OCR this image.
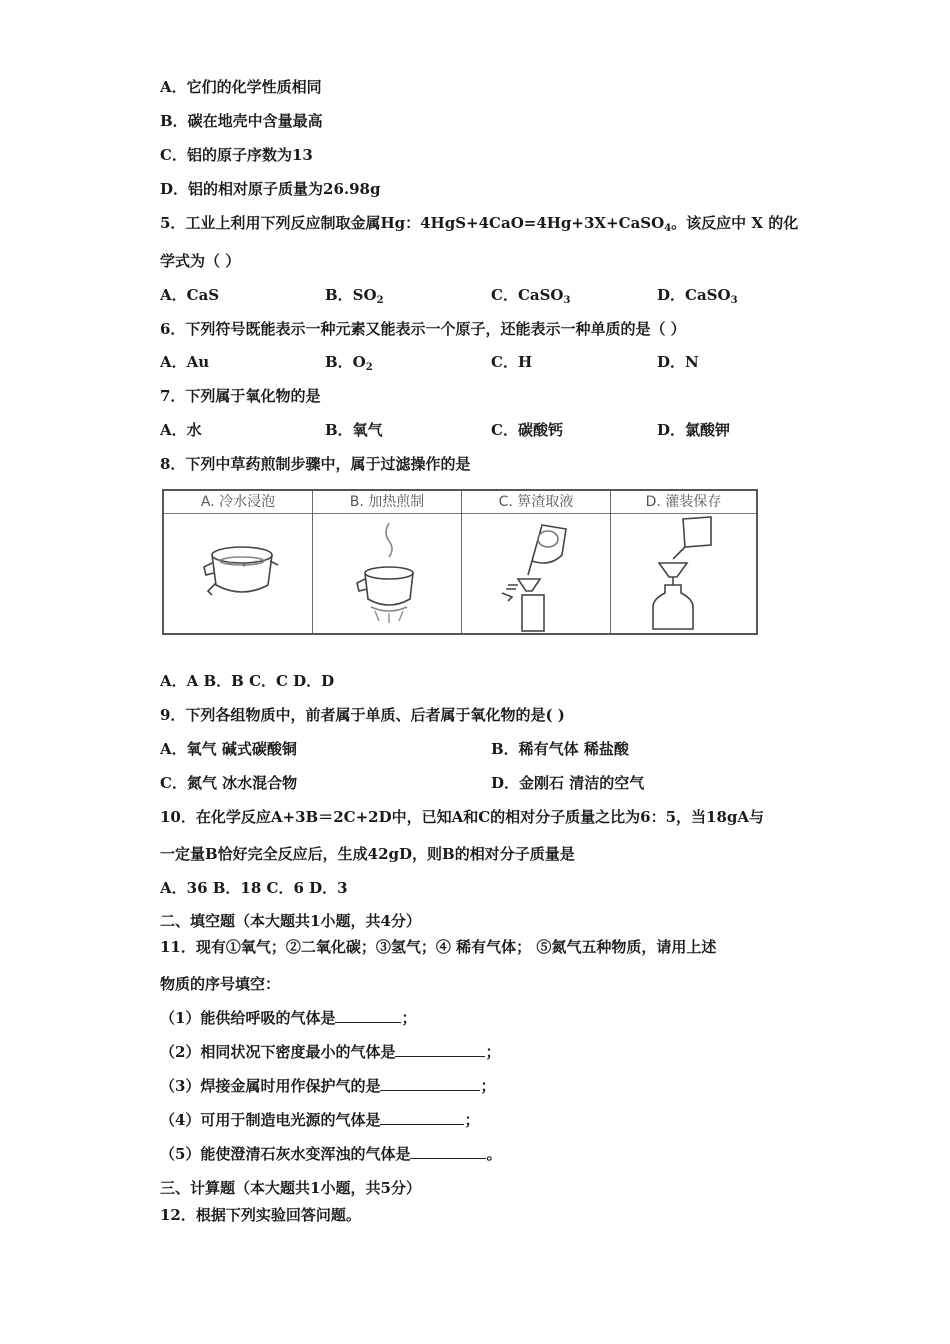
A．它们的化学性质相同
B．碳在地壳中含量最高
C．铝的原子序数为13
D．铝的相对原子质量为26.98g
5．工业上利用下列反应制取金属Hg：4HgS+4CaO=4Hg+3X+CaSO$_4$。该反应中 X 的化
学式为（ ）
A．CaS	B．$SO_2$	C．CaSO$_3$	D．CaSO$_3$
6．下列符号既能表示一种元素又能表示一个原子，还能表示一种单质的是（ ）
A．Au	B．$O_2$	C．H	D．N
7．下列属于氧化物的是
A．水	B．氧气	C．碳酸钙	D．氯酸钾
8．下列中草药煎制步骤中，属于过滤操作的是
A. 冷水浸泡	B. 加热煎制	C. 箅渣取液	D. 灌装保存
A．A B．B C．C D．D
9．下列各组物质中，前者属于单质、后者属于氧化物的是( )
A．氧气 碱式碳酸铜	B．稀有气体 稀盐酸
C．氮气 冰水混合物	D．金刚石 清洁的空气
10．在化学反应A+3B＝2C+2D中，已知A和C的相对分子质量之比为6：5，当18gA与
一定量B恰好完全反应后，生成42gD，则B的相对分子质量是
A．36 B．18 C．6 D．3
二、填空题（本大题共1小题，共4分）
11．现有①氧气；②二氧化碳；③氢气；④ 稀有气体； ⑤氮气五种物质，请用上述
物质的序号填空：
（1）能供给呼吸的气体是	；
（2）相同状况下密度最小的气体是	；
（3）焊接金属时用作保护气的是	；
（4）可用于制造电光源的气体是	；
（5）能使澄清石灰水变浑浊的气体是	。
三、计算题（本大题共1小题，共5分）
12．根据下列实验回答问题。
